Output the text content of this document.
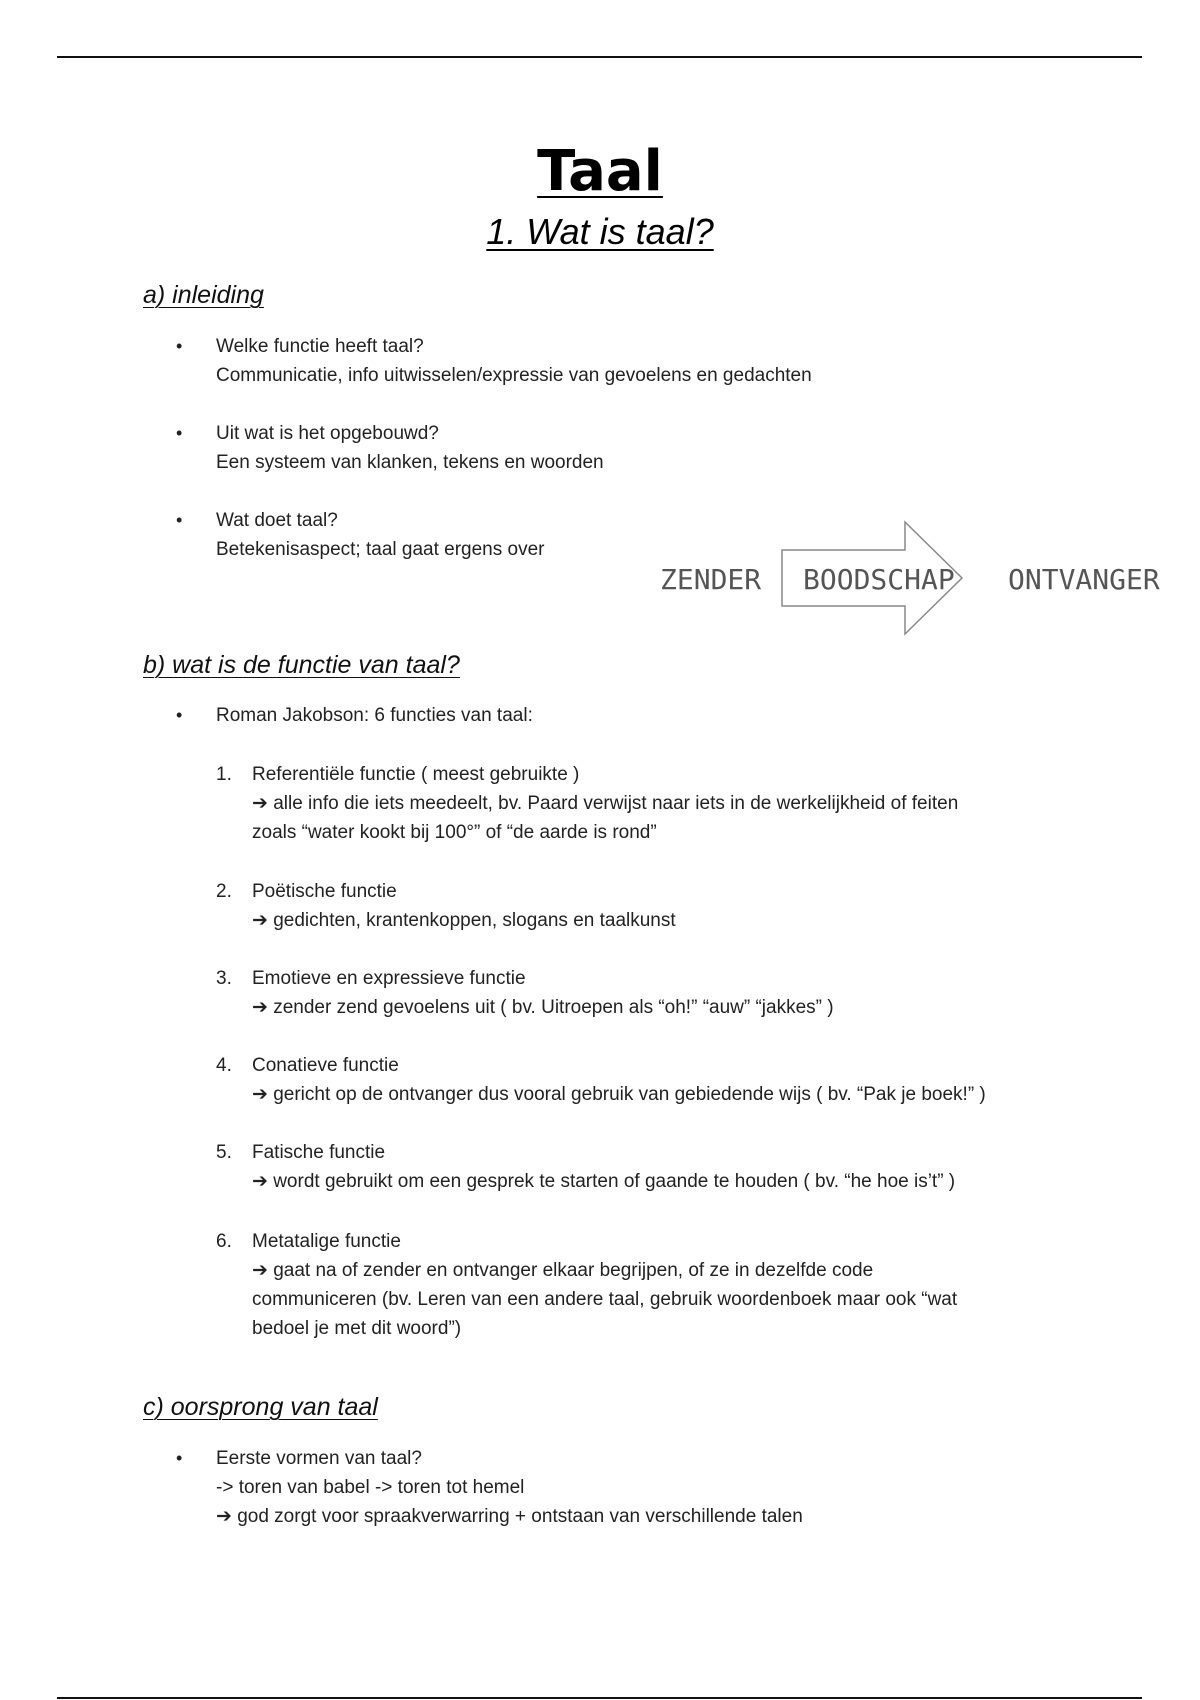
Taal
1. Wat is taal?
a) inleiding
•	Welke functie heeft taal?
Communicatie, info uitwisselen/expressie van gevoelens en gedachten
•	Uit wat is het opgebouwd?
Een systeem van klanken, tekens en woorden
•	Wat doet taal?
Betekenisaspect; taal gaat ergens over
ZENDER BOODSCHAP ONTVANGER
b) wat is de functie van taal?
•	Roman Jakobson: 6 functies van taal:
1. Referentiële functie ( meest gebruikte )
➔ alle info die iets meedeelt, bv. Paard verwijst naar iets in de werkelijkheid of feiten
zoals “water kookt bij 100°” of “de aarde is rond”
2. Poëtische functie
➔ gedichten, krantenkoppen, slogans en taalkunst
3. Emotieve en expressieve functie
➔ zender zend gevoelens uit ( bv. Uitroepen als “oh!” “auw” “jakkes” )
4. Conatieve functie
➔ gericht op de ontvanger dus vooral gebruik van gebiedende wijs ( bv. “Pak je boek!” )
5. Fatische functie
➔ wordt gebruikt om een gesprek te starten of gaande te houden ( bv. “he hoe is’t” )
6. Metatalige functie
➔ gaat na of zender en ontvanger elkaar begrijpen, of ze in dezelfde code
communiceren (bv. Leren van een andere taal, gebruik woordenboek maar ook “wat
bedoel je met dit woord”)
c) oorsprong van taal
•	Eerste vormen van taal?
-> toren van babel -> toren tot hemel
➔ god zorgt voor spraakverwarring + ontstaan van verschillende talen
